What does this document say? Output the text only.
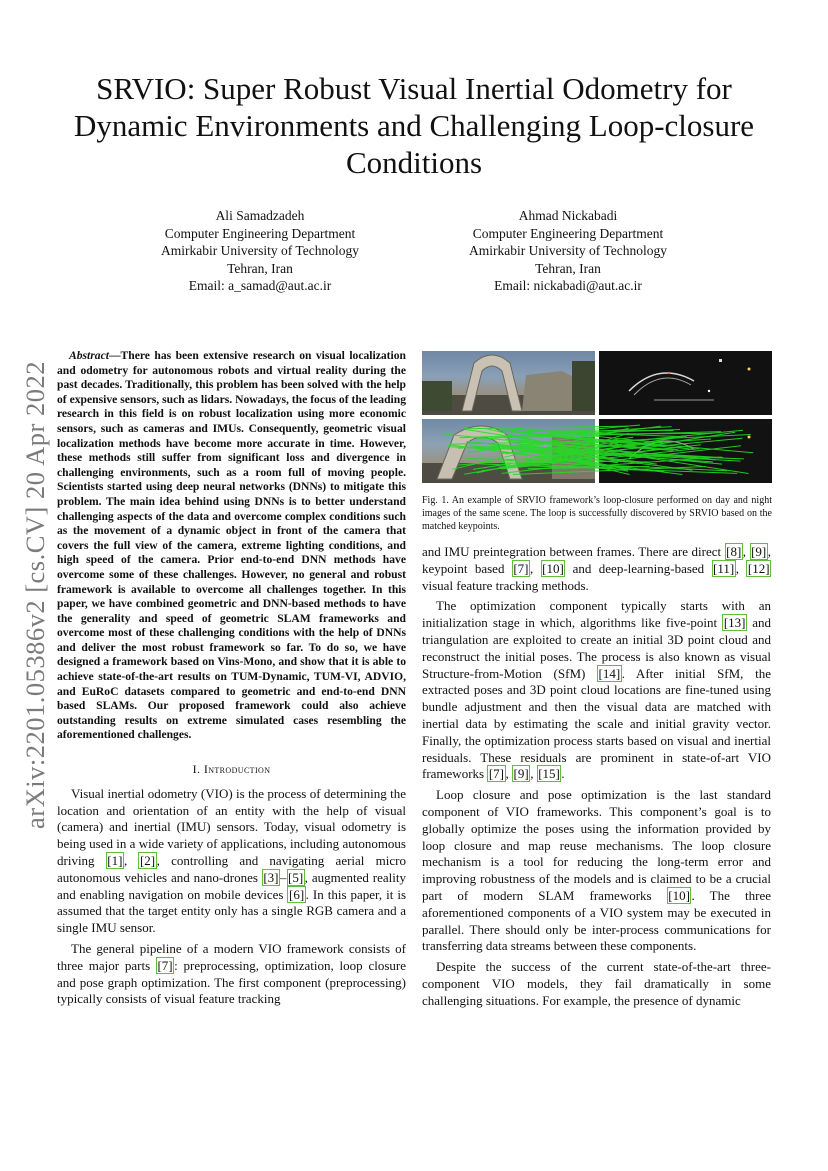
SRVIO: Super Robust Visual Inertial Odometry for Dynamic Environments and Challenging Loop-closure Conditions
Ali Samadzadeh
Computer Engineering Department
Amirkabir University of Technology
Tehran, Iran
Email: a_samad@aut.ac.ir
Ahmad Nickabadi
Computer Engineering Department
Amirkabir University of Technology
Tehran, Iran
Email: nickabadi@aut.ac.ir
arXiv:2201.05386v2 [cs.CV] 20 Apr 2022

Abstract—There has been extensive research on visual localization and odometry for autonomous robots and virtual reality during the past decades. Traditionally, this problem has been solved with the help of expensive sensors, such as lidars. Nowadays, the focus of the leading research in this field is on robust localization using more economic sensors, such as cameras and IMUs. Consequently, geometric visual localization methods have become more accurate in time. However, these methods still suffer from significant loss and divergence in challenging environments, such as a room full of moving people. Scientists started using deep neural networks (DNNs) to mitigate this problem. The main idea behind using DNNs is to better understand challenging aspects of the data and overcome complex conditions such as the movement of a dynamic object in front of the camera that covers the full view of the camera, extreme lighting conditions, and high speed of the camera. Prior end-to-end DNN methods have overcome some of these challenges. However, no general and robust framework is available to overcome all challenges together. In this paper, we have combined geometric and DNN-based methods to have the generality and speed of geometric SLAM frameworks and overcome most of these challenging conditions with the help of DNNs and deliver the most robust framework so far. To do so, we have designed a framework based on Vins-Mono, and show that it is able to achieve state-of-the-art results on TUM-Dynamic, TUM-VI, ADVIO, and EuRoC datasets compared to geometric and end-to-end DNN based SLAMs. Our proposed framework could also achieve outstanding results on extreme simulated cases resembling the aforementioned challenges.

I. Introduction

Visual inertial odometry (VIO) is the process of determining the location and orientation of an entity with the help of visual (camera) and inertial (IMU) sensors. Today, visual odometry is being used in a wide variety of applications, including autonomous driving [1] , [2] , controlling and navigating aerial micro autonomous vehicles and nano-drones [3] – [5] , augmented reality and enabling navigation on mobile devices [6] . In this paper, it is assumed that the target entity only has a single RGB camera and a single IMU sensor.

The general pipeline of a modern VIO framework consists of three major parts [7] : preprocessing, optimization, loop closure and pose graph optimization. The first component (preprocessing) typically consists of visual feature tracking

Fig. 1. An example of SRVIO framework’s loop-closure performed on day and night images of the same scene. The loop is successfully discovered by SRVIO based on the matched keypoints.

and IMU preintegration between frames. There are direct [8] , [9] , keypoint based [7] , [10] and deep-learning-based [11] , [12] visual feature tracking methods.

The optimization component typically starts with an initialization stage in which, algorithms like five-point [13] and triangulation are exploited to create an initial 3D point cloud and reconstruct the initial poses. The process is also known as visual Structure-from-Motion (SfM) [14] . After initial SfM, the extracted poses and 3D point cloud locations are fine-tuned using bundle adjustment and then the visual data are matched with inertial data by estimating the scale and initial gravity vector. Finally, the optimization process starts based on visual and inertial residuals. These residuals are prominent in state-of-art VIO frameworks [7] , [9] , [15] .

Loop closure and pose optimization is the last standard component of VIO frameworks. This component’s goal is to globally optimize the poses using the information provided by loop closure and map reuse mechanisms. The loop closure mechanism is a tool for reducing the long-term error and improving robustness of the models and is claimed to be a crucial part of modern SLAM frameworks [10] . The three aforementioned components of a VIO system may be executed in parallel. There should only be inter-process communications for transferring data streams between these components.

Despite the success of the current state-of-the-art three-component VIO models, they fail dramatically in some challenging situations. For example, the presence of dynamic
